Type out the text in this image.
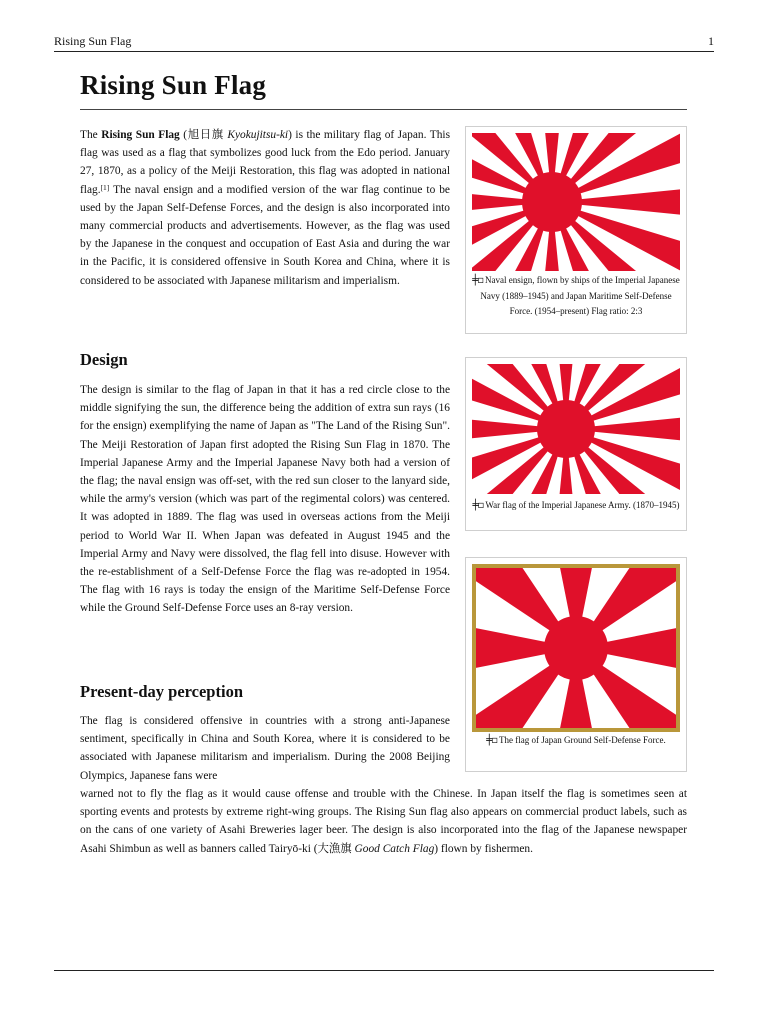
Rising Sun Flag	1
Rising Sun Flag

The Rising Sun Flag (旭日旗 Kyokujitsu-ki) is the military flag of Japan. This flag was used as a flag that symbolizes good luck from the Edo period. January 27, 1870, as a policy of the Meiji Restoration, this flag was adopted in national flag.[1] The naval ensign and a modified version of the war flag continue to be used by the Japan Self-Defense Forces, and the design is also incorporated into many commercial products and advertisements. However, as the flag was used by the Japanese in the conquest and occupation of East Asia and during the war in the Pacific, it is considered offensive in South Korea and China, where it is considered to be associated with Japanese militarism and imperialism.

Design

The design is similar to the flag of Japan in that it has a red circle close to the middle signifying the sun, the difference being the addition of extra sun rays (16 for the ensign) exemplifying the name of Japan as "The Land of the Rising Sun". The Meiji Restoration of Japan first adopted the Rising Sun Flag in 1870. The Imperial Japanese Army and the Imperial Japanese Navy both had a version of the flag; the naval ensign was off-set, with the red sun closer to the lanyard side, while the army's version (which was part of the regimental colors) was centered. It was adopted in 1889. The flag was used in overseas actions from the Meiji period to World War II. When Japan was defeated in August 1945 and the Imperial Army and Navy were dissolved, the flag fell into disuse. However with the re-establishment of a Self-Defense Force the flag was re-adopted in 1954. The flag with 16 rays is today the ensign of the Maritime Self-Defense Force while the Ground Self-Defense Force uses an 8-ray version.

Present-day perception

The flag is considered offensive in countries with a strong anti-Japanese sentiment, specifically in China and South Korea, where it is considered to be associated with Japanese militarism and imperialism. During the 2008 Beijing Olympics, Japanese fans were

warned not to fly the flag as it would cause offense and trouble with the Chinese. In Japan itself the flag is sometimes seen at sporting events and protests by extreme right-wing groups. The Rising Sun flag also appears on commercial product labels, such as on the cans of one variety of Asahi Breweries lager beer. The design is also incorporated into the flag of the Japanese newspaper Asahi Shimbun as well as banners called Tairyō-ki (大漁旗 Good Catch Flag) flown by fishermen.

╪▫ Naval ensign, flown by ships of the Imperial Japanese Navy (1889–1945) and Japan Maritime Self-Defense Force. (1954–present) Flag ratio: 2:3
╪▫ War flag of the Imperial Japanese Army. (1870–1945)
╪▫ The flag of Japan Ground Self-Defense Force.
